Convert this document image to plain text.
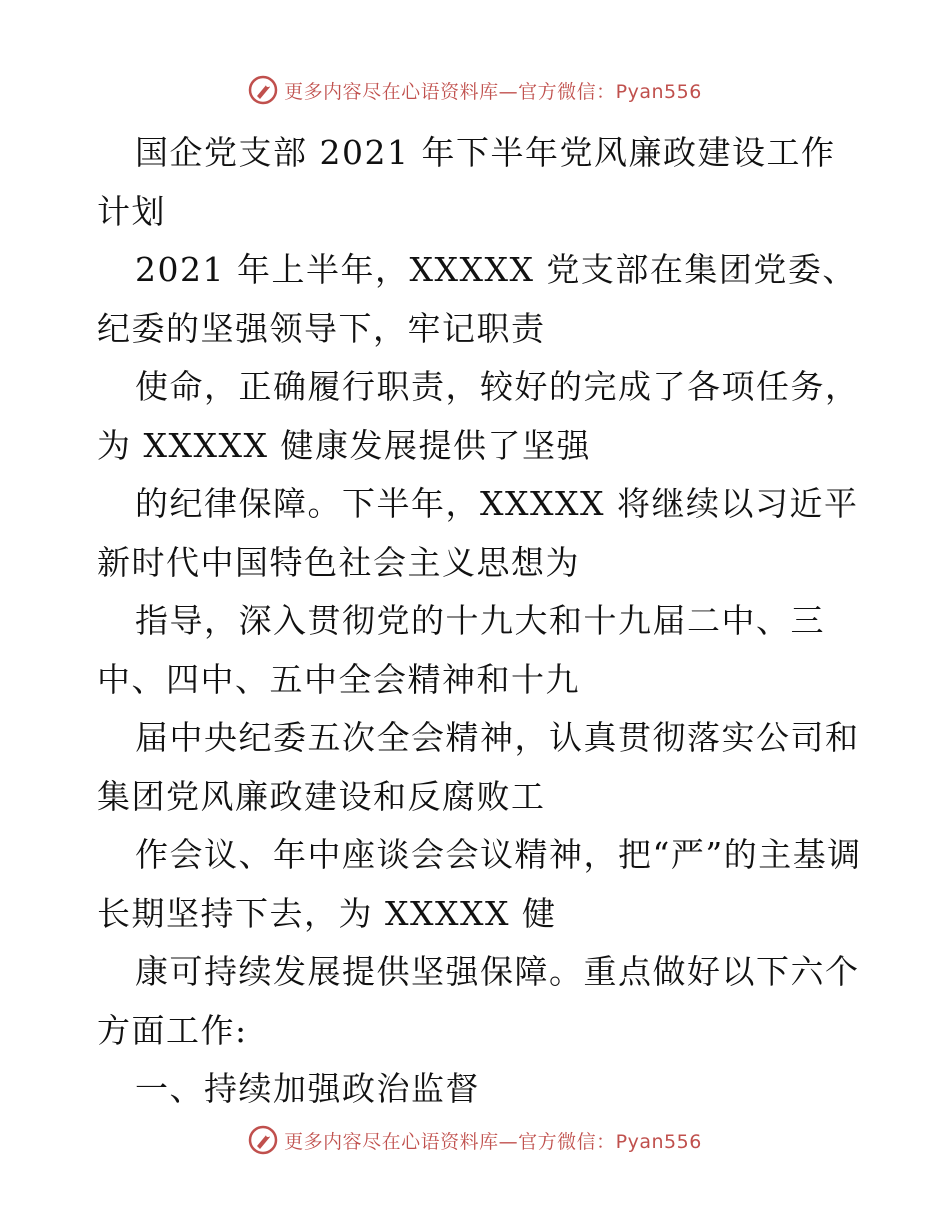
更多内容尽在心语资料库—官方微信：Pyan556

国企党支部 2021 年下半年党风廉政建设工作计划

2021 年上半年，XXXXX 党支部在集团党委、纪委的坚强领导下，牢记职责

使命，正确履行职责，较好的完成了各项任务，为 XXXXX 健康发展提供了坚强

的纪律保障。下半年，XXXXX 将继续以习近平新时代中国特色社会主义思想为

指导，深入贯彻党的十九大和十九届二中、三中、四中、五中全会精神和十九

届中央纪委五次全会精神，认真贯彻落实公司和集团党风廉政建设和反腐败工

作会议、年中座谈会会议精神，把“严”的主基调长期坚持下去，为 XXXXX 健

康可持续发展提供坚强保障。重点做好以下六个方面工作:

一、持续加强政治监督

更多内容尽在心语资料库—官方微信：Pyan556
